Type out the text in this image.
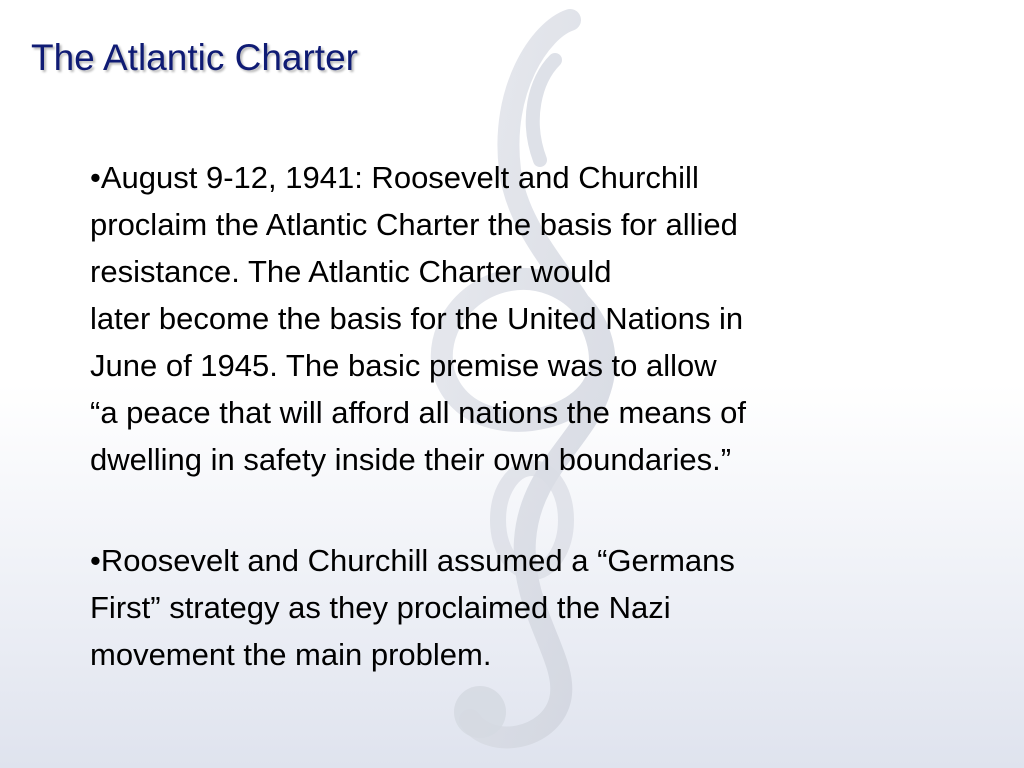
The Atlantic Charter

•August 9-12, 1941: Roosevelt and Churchill
proclaim the Atlantic Charter the basis for allied
resistance. The Atlantic Charter would
later become the basis for the United Nations in
June of 1945. The basic premise was to allow
“a peace that will afford all nations the means of
dwelling in safety inside their own boundaries.”

•Roosevelt and Churchill assumed a “Germans
First” strategy as they proclaimed the Nazi
movement the main problem.
